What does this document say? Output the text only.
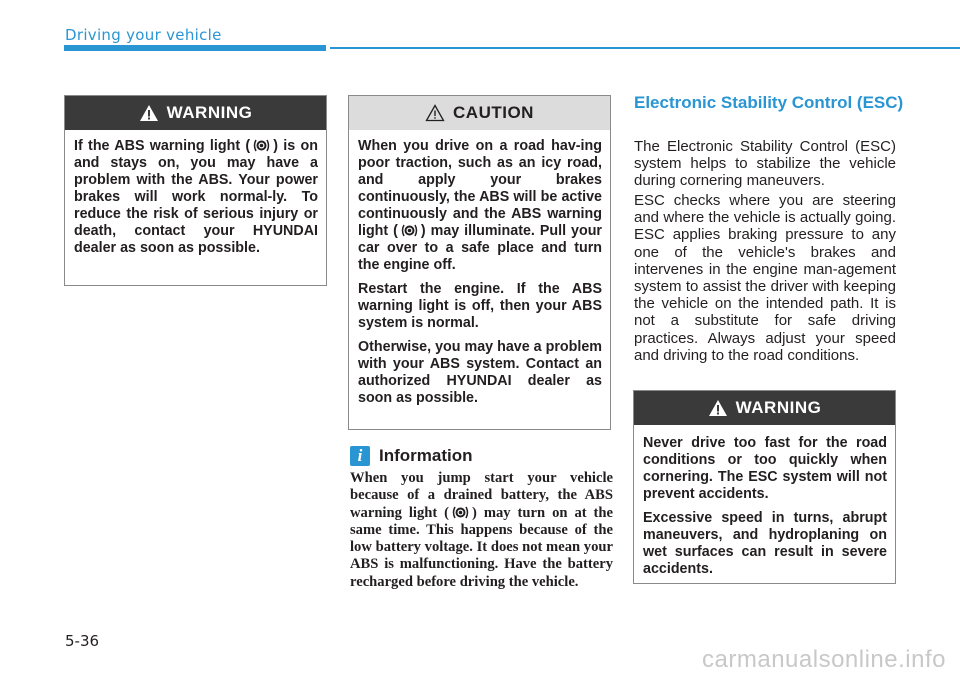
Driving your vehicle
WARNING

If the ABS warning light ( ) is on and stays on, you may have a problem with the ABS. Your power brakes will work normal-ly. To reduce the risk of serious injury or death, contact your HYUNDAI dealer as soon as possible.

CAUTION

When you drive on a road hav-ing poor traction, such as an icy road, and apply your brakes continuously, the ABS will be active continuously and the ABS warning light ( ) may illuminate. Pull your car over to a safe place and turn the engine off.

Restart the engine. If the ABS warning light is off, then your ABS system is normal.

Otherwise, you may have a problem with your ABS system. Contact an authorized HYUNDAI dealer as soon as possible.

i Information

When you jump start your vehicle because of a drained battery, the ABS warning light ( ) may turn on at the same time. This happens because of the low battery voltage. It does not mean your ABS is malfunctioning. Have the battery recharged before driving the vehicle.

Electronic Stability Control (ESC)

The Electronic Stability Control (ESC) system helps to stabilize the vehicle during cornering maneuvers.

ESC checks where you are steering and where the vehicle is actually going. ESC applies braking pressure to any one of the vehicle's brakes and intervenes in the engine man-agement system to assist the driver with keeping the vehicle on the intended path. It is not a substitute for safe driving practices. Always adjust your speed and driving to the road conditions.

WARNING

Never drive too fast for the road conditions or too quickly when cornering. The ESC system will not prevent accidents.

Excessive speed in turns, abrupt maneuvers, and hydroplaning on wet surfaces can result in severe accidents.

5-36
carmanualsonline.info
